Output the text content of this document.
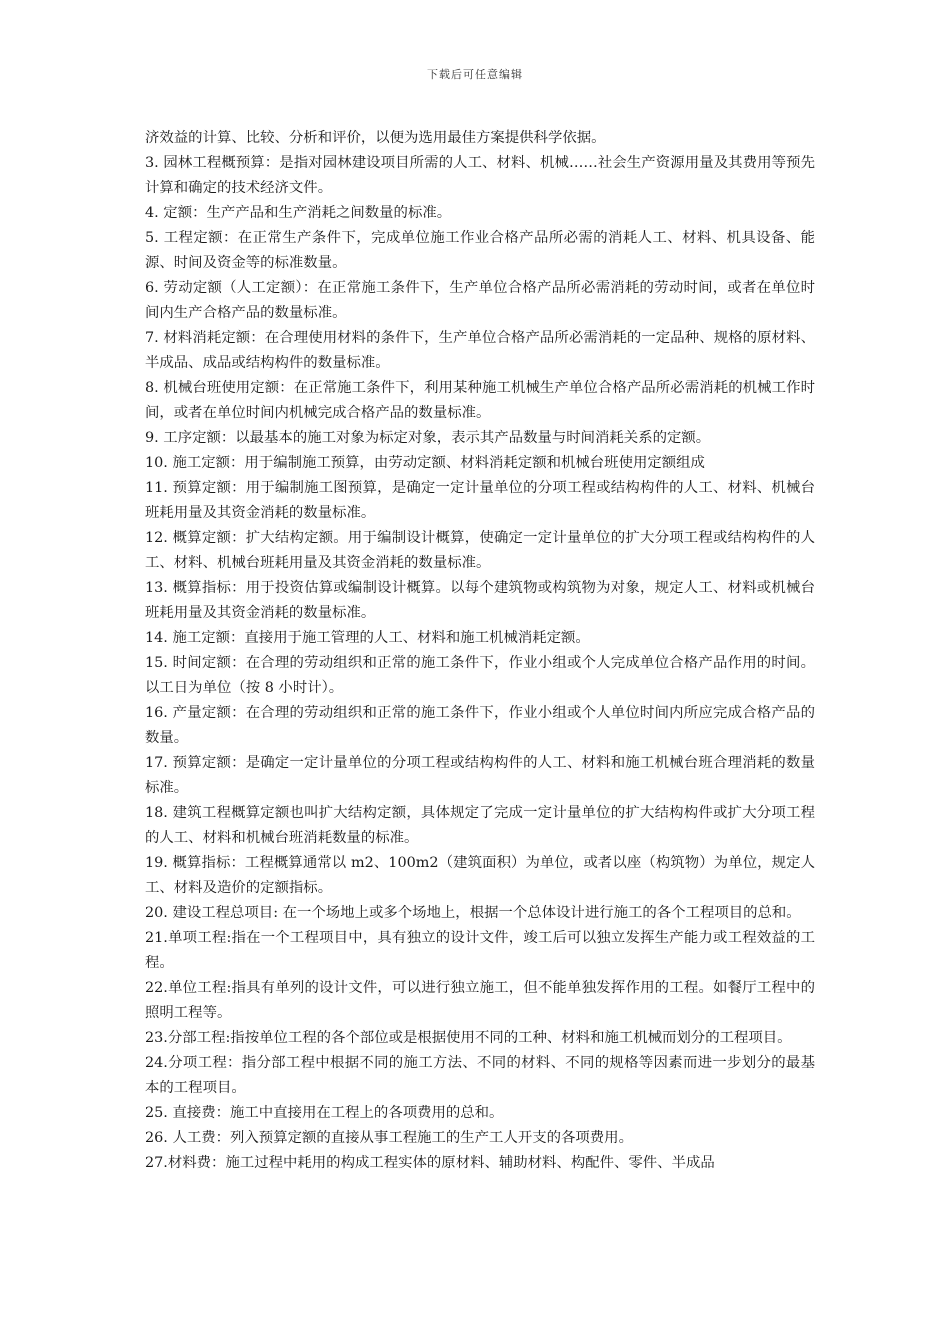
下载后可任意编辑

济效益的计算、比较、分析和评价，以便为选用最佳方案提供科学依据。

3. 园林工程概预算：是指对园林建设项目所需的人工、材料、机械……社会生产资源用量及其费用等预先计算和确定的技术经济文件。

4. 定额：生产产品和生产消耗之间数量的标准。

5. 工程定额：在正常生产条件下，完成单位施工作业合格产品所必需的消耗人工、材料、机具设备、能源、时间及资金等的标准数量。

6. 劳动定额（人工定额）：在正常施工条件下，生产单位合格产品所必需消耗的劳动时间，或者在单位时间内生产合格产品的数量标准。

7. 材料消耗定额：在合理使用材料的条件下，生产单位合格产品所必需消耗的一定品种、规格的原材料、半成品、成品或结构构件的数量标准。

8. 机械台班使用定额：在正常施工条件下，利用某种施工机械生产单位合格产品所必需消耗的机械工作时间，或者在单位时间内机械完成合格产品的数量标准。

9. 工序定额：以最基本的施工对象为标定对象，表示其产品数量与时间消耗关系的定额。

10. 施工定额：用于编制施工预算，由劳动定额、材料消耗定额和机械台班使用定额组成

11. 预算定额：用于编制施工图预算，是确定一定计量单位的分项工程或结构构件的人工、材料、机械台班耗用量及其资金消耗的数量标准。

12. 概算定额：扩大结构定额。用于编制设计概算，使确定一定计量单位的扩大分项工程或结构构件的人工、材料、机械台班耗用量及其资金消耗的数量标准。

13. 概算指标：用于投资估算或编制设计概算。以每个建筑物或构筑物为对象，规定人工、材料或机械台班耗用量及其资金消耗的数量标准。

14. 施工定额：直接用于施工管理的人工、材料和施工机械消耗定额。

15. 时间定额：在合理的劳动组织和正常的施工条件下，作业小组或个人完成单位合格产品作用的时间。以工日为单位（按 8 小时计）。

16. 产量定额：在合理的劳动组织和正常的施工条件下，作业小组或个人单位时间内所应完成合格产品的数量。

17. 预算定额：是确定一定计量单位的分项工程或结构构件的人工、材料和施工机械台班合理消耗的数量标准。

18. 建筑工程概算定额也叫扩大结构定额，具体规定了完成一定计量单位的扩大结构构件或扩大分项工程的人工、材料和机械台班消耗数量的标准。

19. 概算指标：工程概算通常以 m2、100m2（建筑面积）为单位，或者以座（构筑物）为单位，规定人工、材料及造价的定额指标。

20. 建设工程总项目: 在一个场地上或多个场地上，根据一个总体设计进行施工的各个工程项目的总和。

21.单项工程:指在一个工程项目中，具有独立的设计文件，竣工后可以独立发挥生产能力或工程效益的工程。

22.单位工程:指具有单列的设计文件，可以进行独立施工，但不能单独发挥作用的工程。如餐厅工程中的照明工程等。

23.分部工程:指按单位工程的各个部位或是根据使用不同的工种、材料和施工机械而划分的工程项目。

24.分项工程：指分部工程中根据不同的施工方法、不同的材料、不同的规格等因素而进一步划分的最基本的工程项目。

25. 直接费：施工中直接用在工程上的各项费用的总和。

26. 人工费：列入预算定额的直接从事工程施工的生产工人开支的各项费用。

27.材料费：施工过程中耗用的构成工程实体的原材料、辅助材料、构配件、零件、半成品
